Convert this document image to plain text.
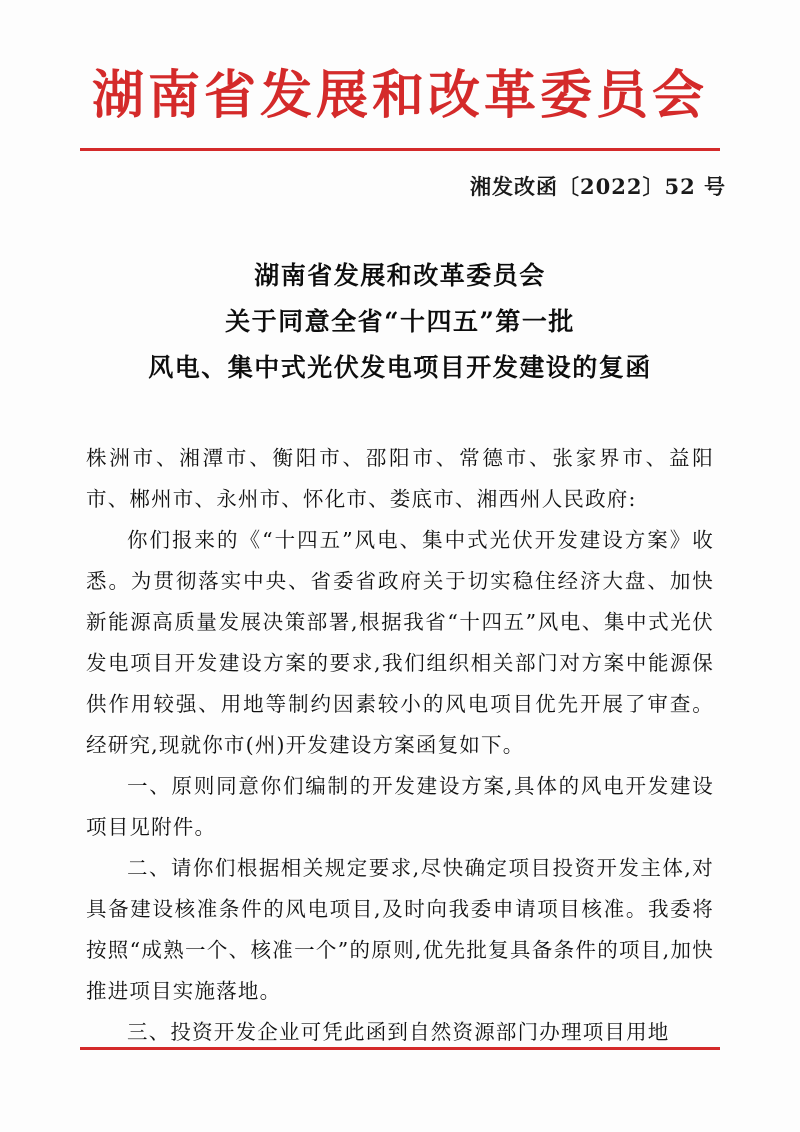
湖南省发展和改革委员会
湘发改函〔2022〕52 号
湖南省发展和改革委员会
关于同意全省“十四五”第一批
风电、集中式光伏发电项目开发建设的复函

株洲市、湘潭市、衡阳市、邵阳市、常德市、张家界市、益阳市、郴州市、永州市、怀化市、娄底市、湘西州人民政府:

你们报来的《“十四五”风电、集中式光伏开发建设方案》收悉。为贯彻落实中央、省委省政府关于切实稳住经济大盘、加快新能源高质量发展决策部署,根据我省“十四五”风电、集中式光伏发电项目开发建设方案的要求,我们组织相关部门对方案中能源保供作用较强、用地等制约因素较小的风电项目优先开展了审查。经研究,现就你市(州)开发建设方案函复如下。

一、原则同意你们编制的开发建设方案,具体的风电开发建设项目见附件。

二、请你们根据相关规定要求,尽快确定项目投资开发主体,对具备建设核准条件的风电项目,及时向我委申请项目核准。我委将按照“成熟一个、核准一个”的原则,优先批复具备条件的项目,加快推进项目实施落地。

三、投资开发企业可凭此函到自然资源部门办理项目用地
